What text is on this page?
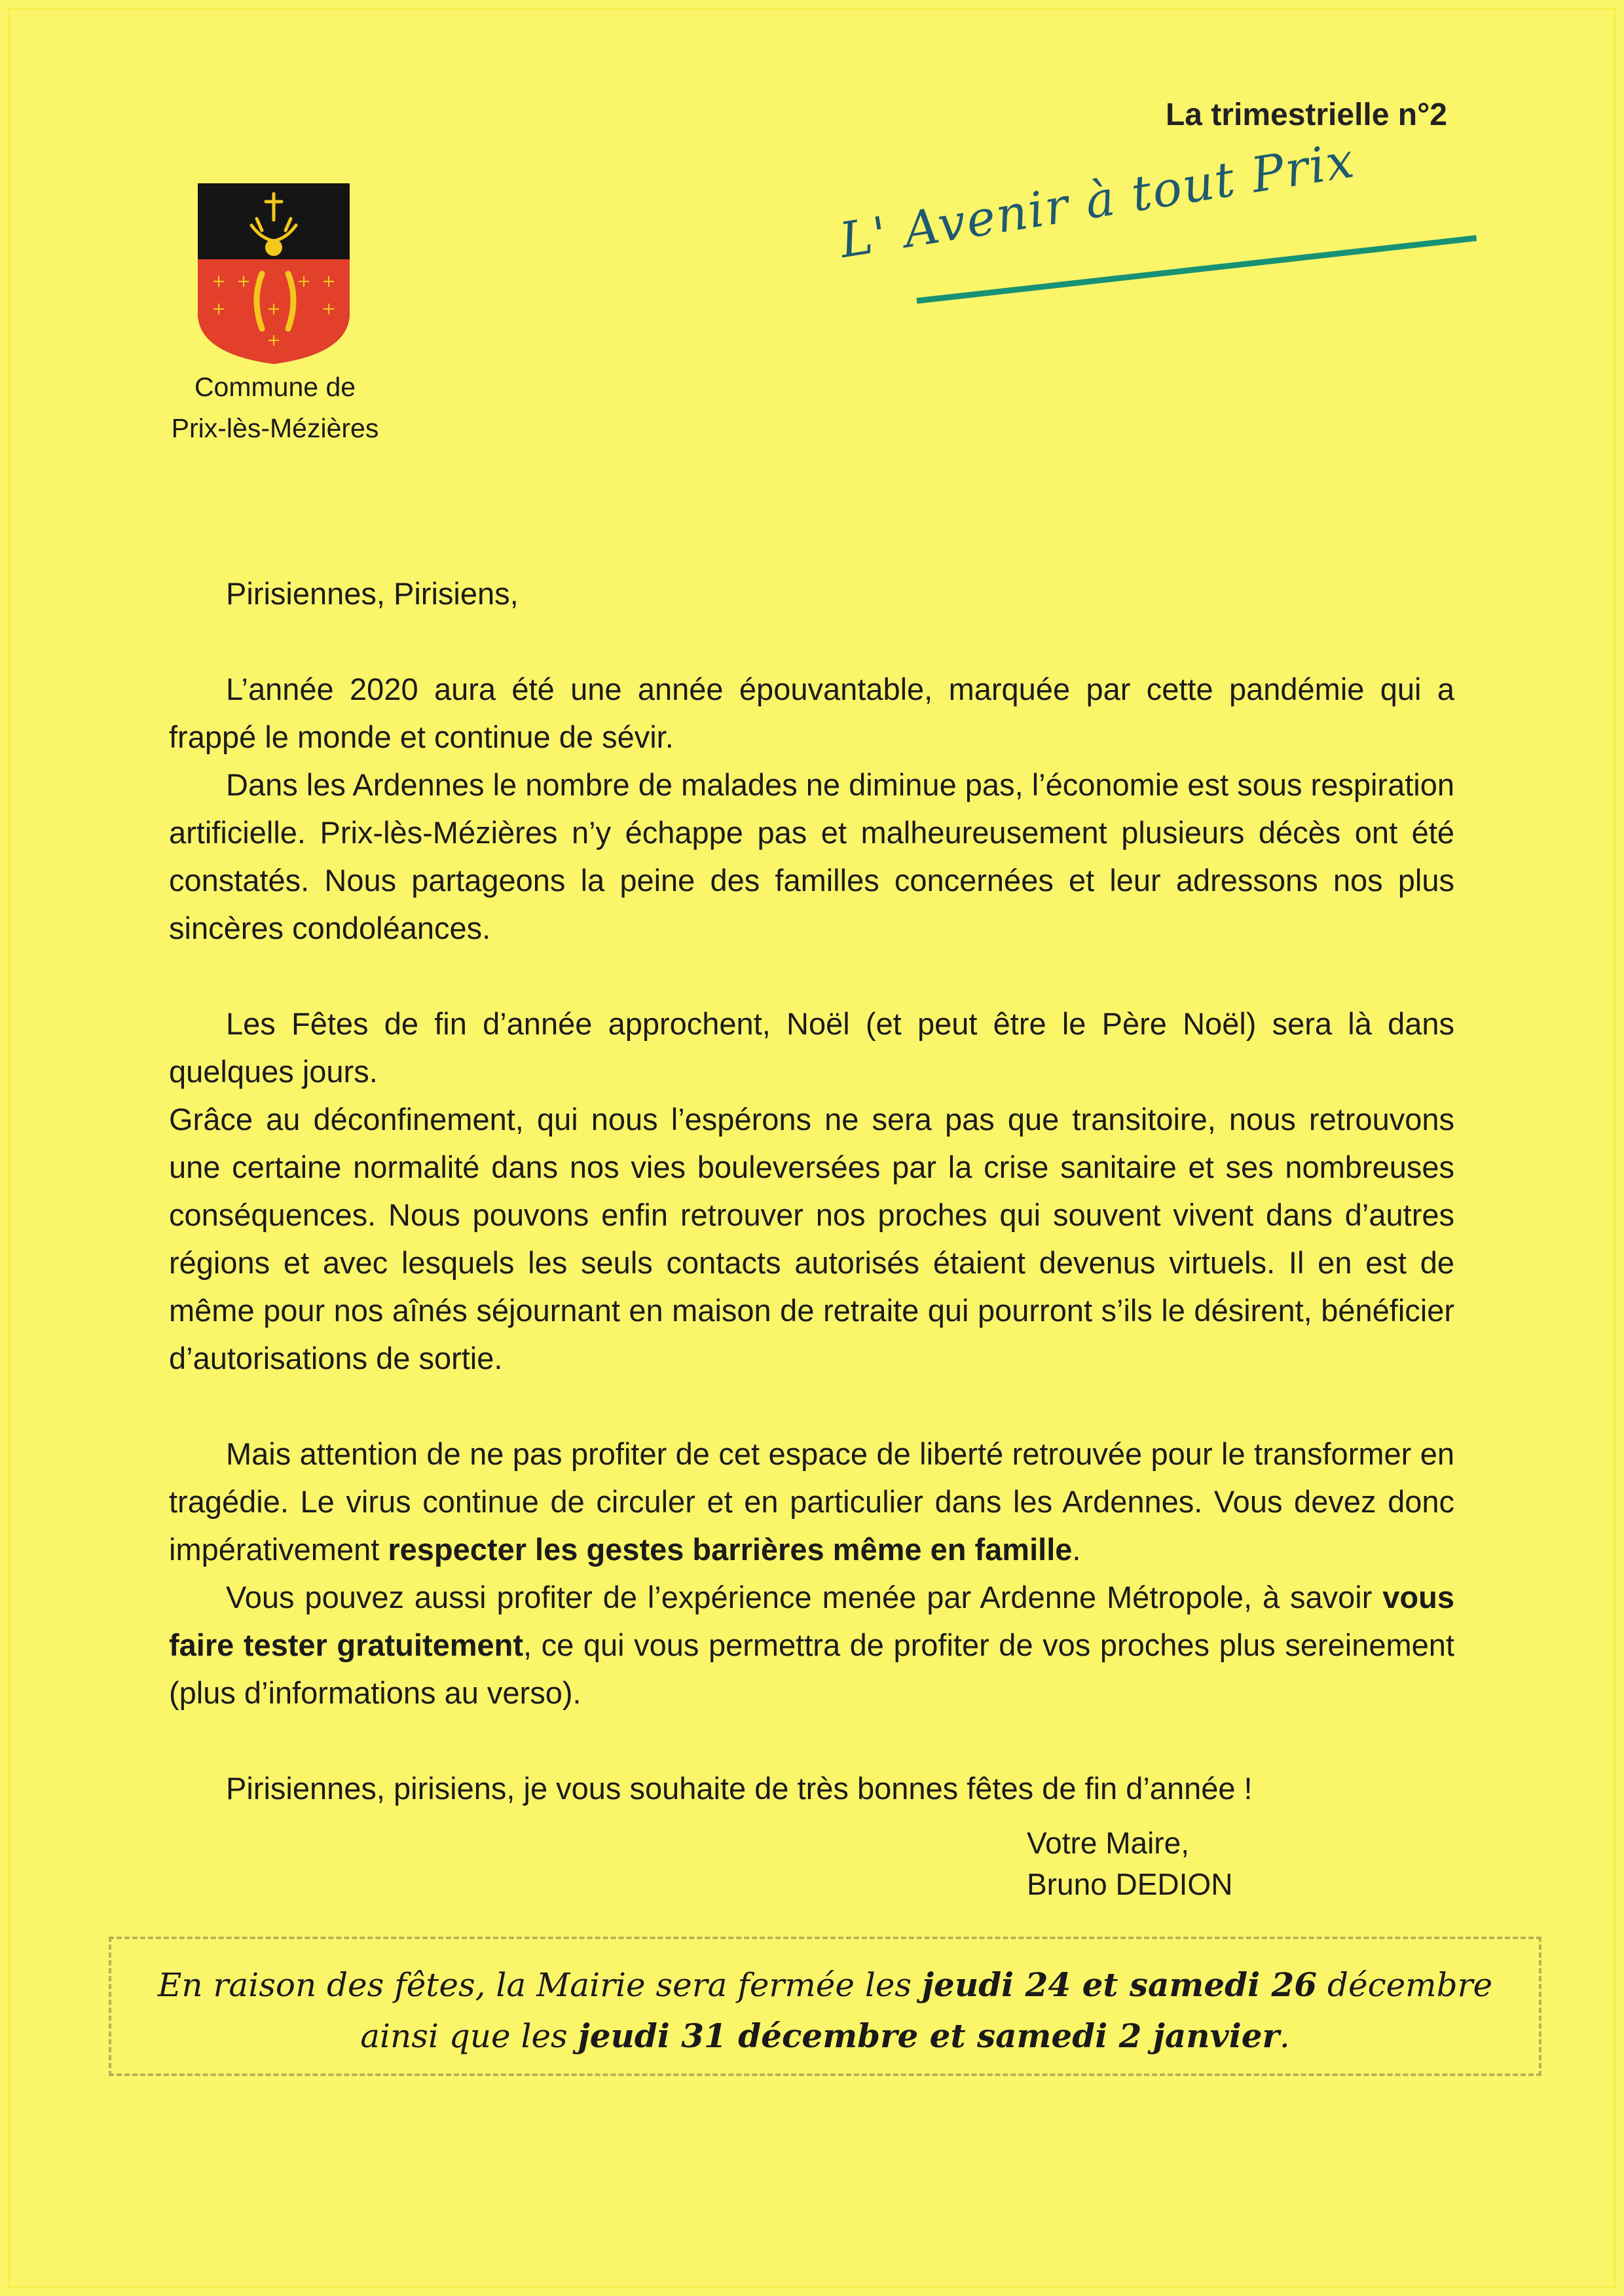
La trimestrielle n°2
+ +	+ +
+ + +
+
Commune de
Prix-lès-Mézières
L' Avenir à tout Prix

Pirisiennes, Pirisiens,

L’année 2020 aura été une année épouvantable, marquée par cette pandémie qui a frappé le monde et continue de sévir.

Dans les Ardennes le nombre de malades ne diminue pas, l’économie est sous respiration artificielle. Prix-lès-Mézières n’y échappe pas et malheureusement plusieurs décès ont été constatés. Nous partageons la peine des familles concernées et leur adressons nos plus sincères condoléances.

Les Fêtes de fin d’année approchent, Noël (et peut être le Père Noël) sera là dans quelques jours.

Grâce au déconfinement, qui nous l’espérons ne sera pas que transitoire, nous retrouvons une certaine normalité dans nos vies bouleversées par la crise sanitaire et ses nombreuses conséquences. Nous pouvons enfin retrouver nos proches qui souvent vivent dans d’autres régions et avec lesquels les seuls contacts autorisés étaient devenus virtuels. Il en est de même pour nos aînés séjournant en maison de retraite qui pourront s’ils le désirent, bénéficier d’autorisations de sortie.

Mais attention de ne pas profiter de cet espace de liberté retrouvée pour le transformer en tragédie. Le virus continue de circuler et en particulier dans les Ardennes. Vous devez donc impérativement respecter les gestes barrières même en famille.

Vous pouvez aussi profiter de l’expérience menée par Ardenne Métropole, à savoir vous faire tester gratuitement, ce qui vous permettra de profiter de vos proches plus sereinement (plus d’informations au verso).

Pirisiennes, pirisiens, je vous souhaite de très bonnes fêtes de fin d’année !

Votre Maire,
Bruno DEDION
En raison des fêtes, la Mairie sera fermée les jeudi 24 et samedi 26 décembre
ainsi que les jeudi 31 décembre et samedi 2 janvier.
